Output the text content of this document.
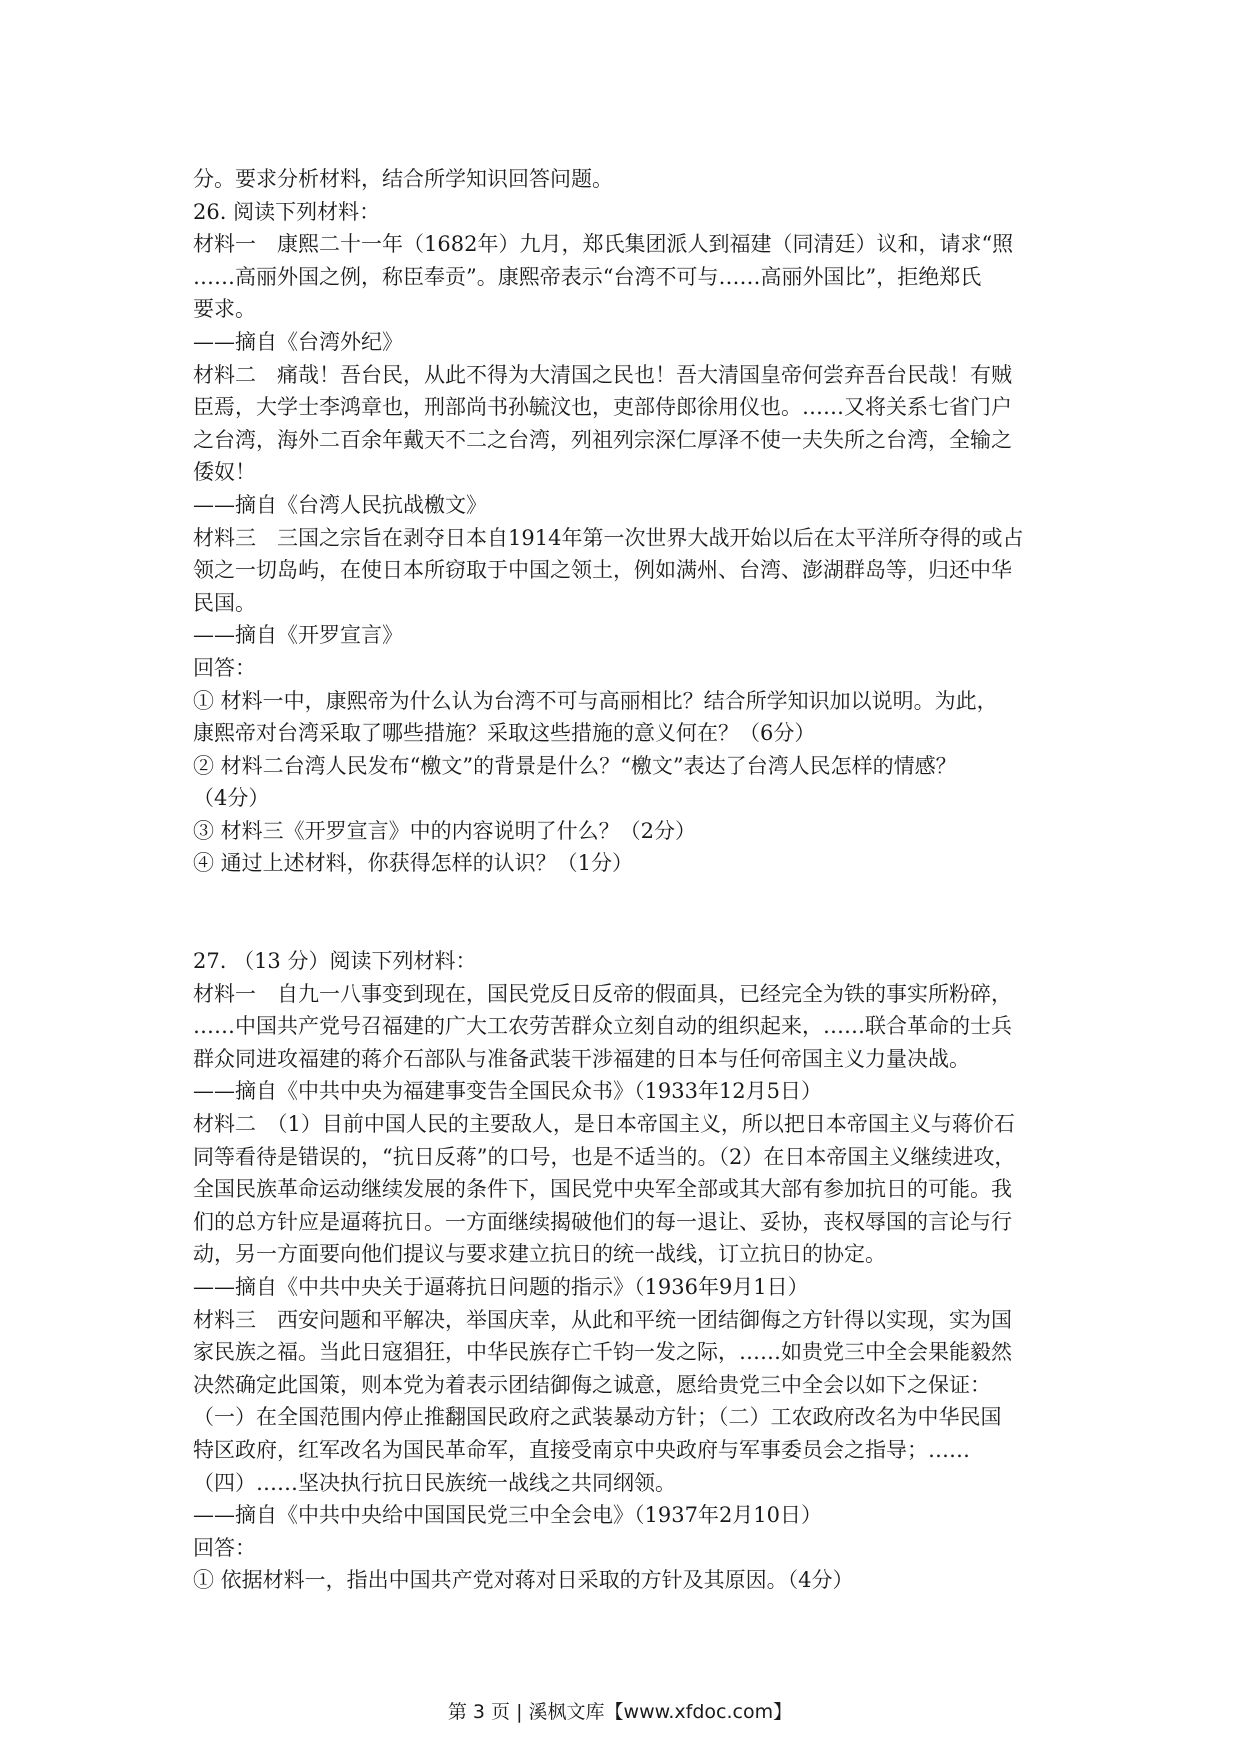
分。要求分析材料，结合所学知识回答问题。

26. 阅读下列材料：

材料一　康熙二十一年（1682年）九月，郑氏集团派人到福建（同清廷）议和，请求“照

……高丽外国之例，称臣奉贡”。康熙帝表示“台湾不可与……高丽外国比”，拒绝郑氏

要求。

——摘自《台湾外纪》

材料二　痛哉！吾台民，从此不得为大清国之民也！吾大清国皇帝何尝弃吾台民哉！有贼

臣焉，大学士李鸿章也，刑部尚书孙毓汶也，吏部侍郎徐用仪也。……又将关系七省门户

之台湾，海外二百余年戴天不二之台湾，列祖列宗深仁厚泽不使一夫失所之台湾，全输之

倭奴！

——摘自《台湾人民抗战檄文》

材料三　三国之宗旨在剥夺日本自1914年第一次世界大战开始以后在太平洋所夺得的或占

领之一切岛屿，在使日本所窃取于中国之领土，例如满州、台湾、澎湖群岛等，归还中华

民国。

——摘自《开罗宣言》

回答：

① 材料一中，康熙帝为什么认为台湾不可与高丽相比？结合所学知识加以说明。为此，

康熙帝对台湾采取了哪些措施？采取这些措施的意义何在？（6分）

② 材料二台湾人民发布“檄文”的背景是什么？“檄文”表达了台湾人民怎样的情感？

（4分）

③ 材料三《开罗宣言》中的内容说明了什么？（2分）

④ 通过上述材料，你获得怎样的认识？（1分）

27. （13 分）阅读下列材料：

材料一　自九一八事变到现在，国民党反日反帝的假面具，已经完全为铁的事实所粉碎，

……中国共产党号召福建的广大工农劳苦群众立刻自动的组织起来，……联合革命的士兵

群众同进攻福建的蒋介石部队与准备武装干涉福建的日本与任何帝国主义力量决战。

——摘自《中共中央为福建事变告全国民众书》（1933年12月5日）

材料二　（1）目前中国人民的主要敌人，是日本帝国主义，所以把日本帝国主义与蒋价石

同等看待是错误的，“抗日反蒋”的口号，也是不适当的。（2）在日本帝国主义继续进攻，

全国民族革命运动继续发展的条件下，国民党中央军全部或其大部有参加抗日的可能。我

们的总方针应是逼蒋抗日。一方面继续揭破他们的每一退让、妥协，丧权辱国的言论与行

动，另一方面要向他们提议与要求建立抗日的统一战线，订立抗日的协定。

——摘自《中共中央关于逼蒋抗日问题的指示》（1936年9月1日）

材料三　西安问题和平解决，举国庆幸，从此和平统一团结御侮之方针得以实现，实为国

家民族之福。当此日寇猖狂，中华民族存亡千钧一发之际，……如贵党三中全会果能毅然

决然确定此国策，则本党为着表示团结御侮之诚意，愿给贵党三中全会以如下之保证：

（一）在全国范围内停止推翻国民政府之武装暴动方针；（二）工农政府改名为中华民国

特区政府，红军改名为国民革命军，直接受南京中央政府与军事委员会之指导；……

（四）……坚决执行抗日民族统一战线之共同纲领。

——摘自《中共中央给中国国民党三中全会电》（1937年2月10日）

回答：

① 依据材料一，指出中国共产党对蒋对日采取的方针及其原因。（4分）

第 3 页 | 溪枫文库【www.xfdoc.com】
